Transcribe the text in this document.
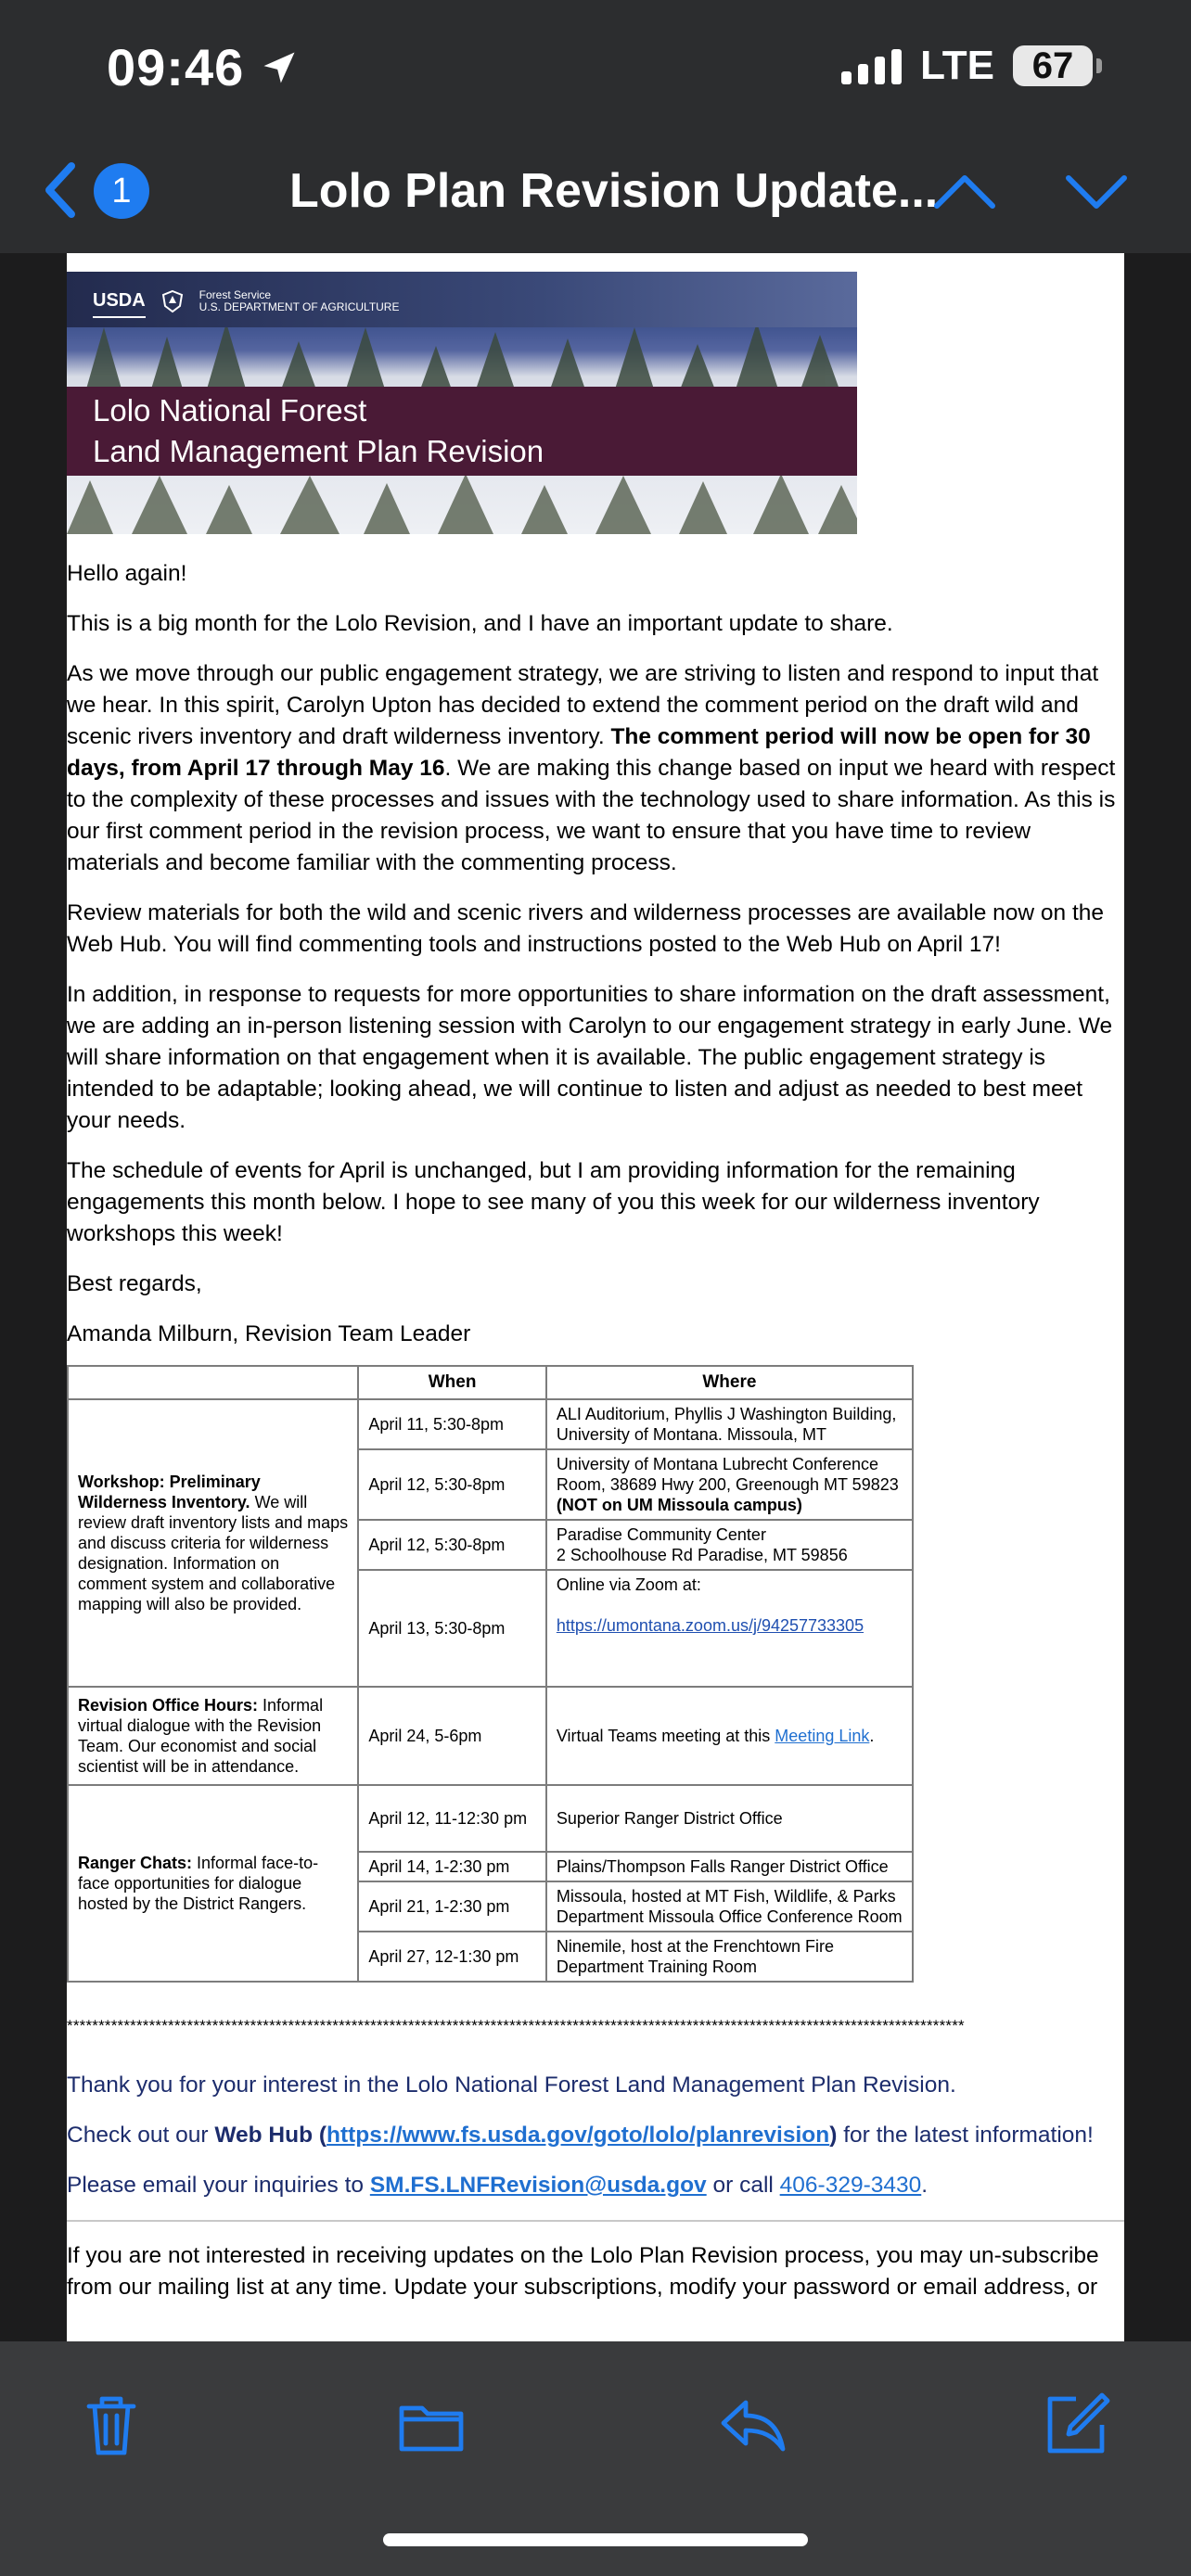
09:46	LTE	67
1	Lolo Plan Revision Update...
USDA	Forest Service
U.S. DEPARTMENT OF AGRICULTURE
Lolo National Forest
Land Management Plan Revision

Hello again!

This is a big month for the Lolo Revision, and I have an important update to share.

As we move through our public engagement strategy, we are striving to listen and respond to input that we hear. In this spirit, Carolyn Upton has decided to extend the comment period on the draft wild and scenic rivers inventory and draft wilderness inventory. The comment period will now be open for 30 days, from April 17 through May 16. We are making this change based on input we heard with respect to the complexity of these processes and issues with the technology used to share information. As this is our first comment period in the revision process, we want to ensure that you have time to review materials and become familiar with the commenting process.

Review materials for both the wild and scenic rivers and wilderness processes are available now on the Web Hub. You will find commenting tools and instructions posted to the Web Hub on April 17!

In addition, in response to requests for more opportunities to share information on the draft assessment, we are adding an in-person listening session with Carolyn to our engagement strategy in early June. We will share information on that engagement when it is available. The public engagement strategy is intended to be adaptable; looking ahead, we will continue to listen and adjust as needed to best meet your needs.

The schedule of events for April is unchanged, but I am providing information for the remaining engagements this month below. I hope to see many of you this week for our wilderness inventory workshops this week!

Best regards,

Amanda Milburn, Revision Team Leader

	When	Where
Workshop: Preliminary Wilderness Inventory. We will review draft inventory lists and maps and discuss criteria for wilderness designation. Information on comment system and collaborative mapping will also be provided.	April 11, 5:30-8pm	ALI Auditorium, Phyllis J Washington Building, University of Montana. Missoula, MT
	April 12, 5:30-8pm	University of Montana Lubrecht Conference Room, 38689 Hwy 200, Greenough MT 59823
(NOT on UM Missoula campus)
	April 12, 5:30-8pm	Paradise Community Center
2 Schoolhouse Rd Paradise, MT 59856
	April 13, 5:30-8pm	Online via Zoom at:

https://umontana.zoom.us/j/94257733305
Revision Office Hours: Informal virtual dialogue with the Revision Team. Our economist and social scientist will be in attendance.	April 24, 5-6pm	Virtual Teams meeting at this Meeting Link.
Ranger Chats: Informal face-to-face opportunities for dialogue hosted by the District Rangers.	April 12, 11-12:30 pm	Superior Ranger District Office
	April 14, 1-2:30 pm	Plains/Thompson Falls Ranger District Office
	April 21, 1-2:30 pm	Missoula, hosted at MT Fish, Wildlife, & Parks Department Missoula Office Conference Room
	April 27, 12-1:30 pm	Ninemile, host at the Frenchtown Fire Department Training Room
**********************************************************************************************************************************************

Thank you for your interest in the Lolo National Forest Land Management Plan Revision.

Check out our Web Hub (https://www.fs.usda.gov/goto/lolo/planrevision) for the latest information!

Please email your inquiries to SM.FS.LNFRevision@usda.gov or call 406-329-3430.

If you are not interested in receiving updates on the Lolo Plan Revision process, you may un-subscribe from our mailing list at any time. Update your subscriptions, modify your password or email address, or
